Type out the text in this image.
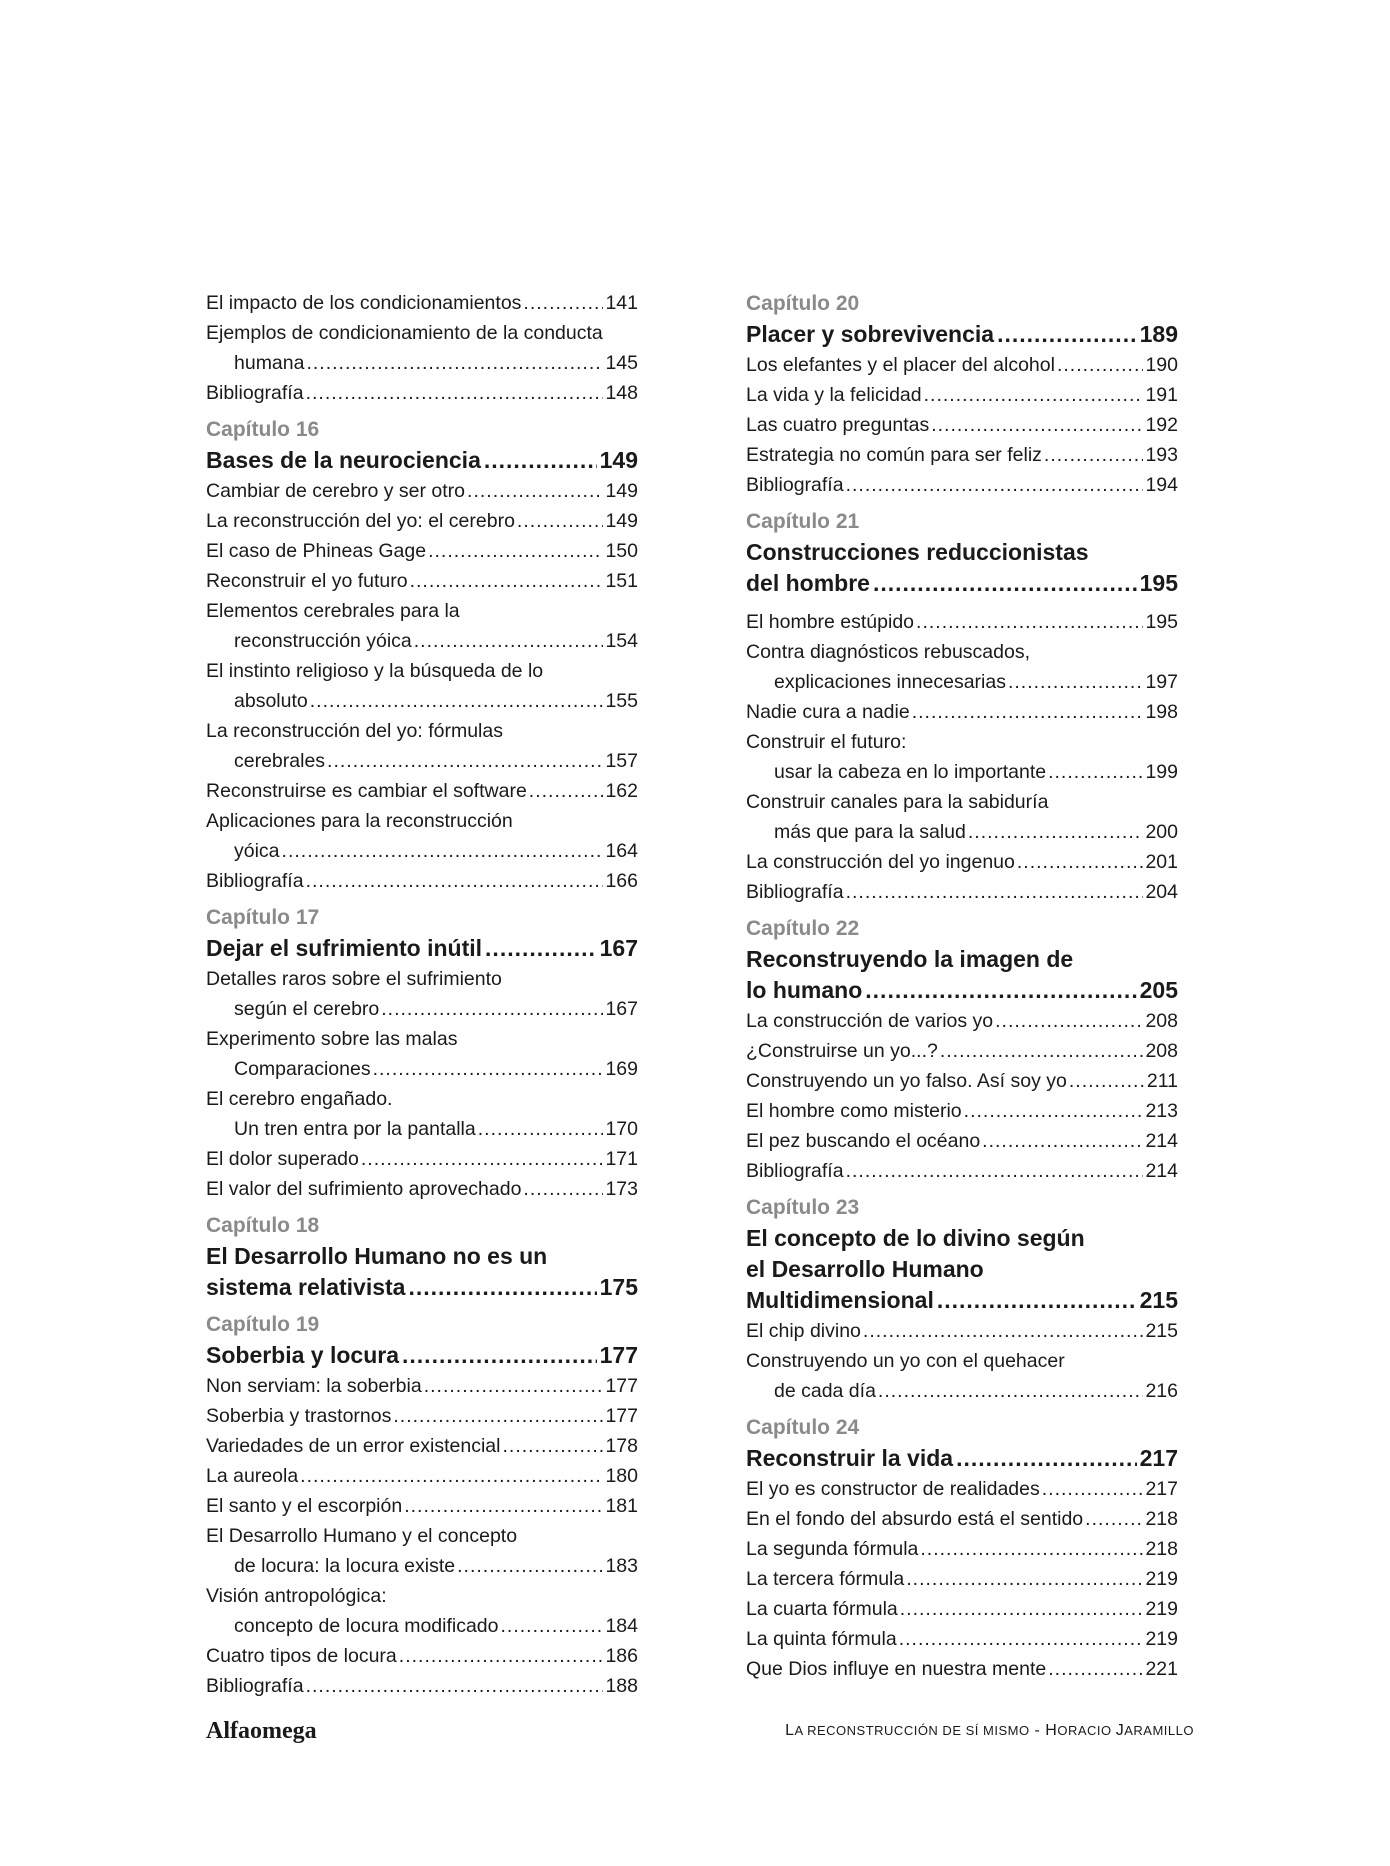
El impacto de los condicionamientos .....	141
Ejemplos de condicionamiento de la conducta
humana .....	145
Bibliografía .....	148
Capítulo 16
Bases de la neurociencia .....	149
Cambiar de cerebro y ser otro .....	149
La reconstrucción del yo: el cerebro .....	149
El caso de Phineas Gage .....	150
Reconstruir el yo futuro .....	151
Elementos cerebrales para la
reconstrucción yóica .....	154
El instinto religioso y la búsqueda de lo
absoluto .....	155
La reconstrucción del yo: fórmulas
cerebrales .....	157
Reconstruirse es cambiar el software .....	162
Aplicaciones para la reconstrucción
yóica .....	164
Bibliografía .....	166
Capítulo 17
Dejar el sufrimiento inútil .....	167
Detalles raros sobre el sufrimiento
según el cerebro .....	167
Experimento sobre las malas
Comparaciones .....	169
El cerebro engañado.
Un tren entra por la pantalla .....	170
El dolor superado .....	171
El valor del sufrimiento aprovechado .....	173
Capítulo 18
El Desarrollo Humano no es un
sistema relativista .....	175
Capítulo 19
Soberbia y locura .....	177
Non serviam: la soberbia .....	177
Soberbia y trastornos .....	177
Variedades de un error existencial .....	178
La aureola .....	180
El santo y el escorpión .....	181
El Desarrollo Humano y el concepto
de locura: la locura existe .....	183
Visión antropológica:
concepto de locura modificado .....	184
Cuatro tipos de locura .....	186
Bibliografía .....	188
Capítulo 20
Placer y sobrevivencia .....	189
Los elefantes y el placer del alcohol .....	190
La vida y la felicidad .....	191
Las cuatro preguntas .....	192
Estrategia no común para ser feliz .....	193
Bibliografía .....	194
Capítulo 21
Construcciones reduccionistas
del hombre .....	195
El hombre estúpido .....	195
Contra diagnósticos rebuscados,
explicaciones innecesarias .....	197
Nadie cura a nadie .....	198
Construir el futuro:
usar la cabeza en lo importante .....	199
Construir canales para la sabiduría
más que para la salud .....	200
La construcción del yo ingenuo .....	201
Bibliografía .....	204
Capítulo 22
Reconstruyendo la imagen de
lo humano .....	205
La construcción de varios yo .....	208
¿Construirse un yo...? .....	208
Construyendo un yo falso. Así soy yo .....	211
El hombre como misterio .....	213
El pez buscando el océano .....	214
Bibliografía .....	214
Capítulo 23
El concepto de lo divino según
el Desarrollo Humano
Multidimensional .....	215
El chip divino .....	215
Construyendo un yo con el quehacer
de cada día .....	216
Capítulo 24
Reconstruir la vida .....	217
El yo es constructor de realidades .....	217
En el fondo del absurdo está el sentido .....	218
La segunda fórmula .....	218
La tercera fórmula .....	219
La cuarta fórmula .....	219
La quinta fórmula .....	219
Que Dios influye en nuestra mente .....	221
Alfaomega	LA RECONSTRUCCIÓN DE SÍ MISMO - HORACIO JARAMILLO
